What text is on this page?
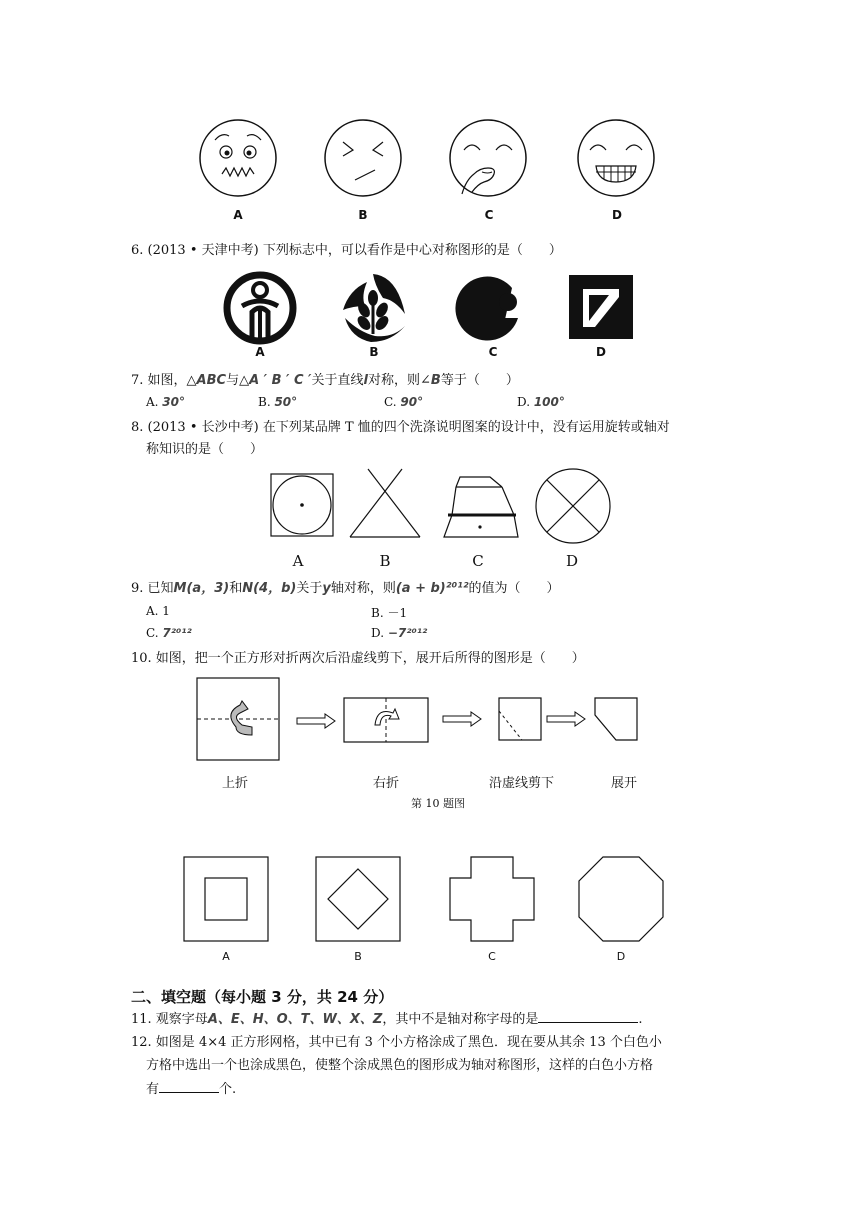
A	B	C	D
6. (2013 • 天津中考) 下列标志中，可以看作是中心对称图形的是（　　）
A	B	C	D
7. 如图，△ABC与△A ′ B ′ C ′关于直线l对称，则∠B等于（　　）
A. 30°	B. 50°	C. 90°	D. 100°
8. (2013 • 长沙中考) 在下列某品牌 T 恤的四个洗涤说明图案的设计中，没有运用旋转或轴对
称知识的是（　　）
A	B	C	D
9. 已知M(a，3)和N(4，b)关于y轴对称，则(a + b)²⁰¹²的值为（　　）
A. 1	B. －1
C. 7²⁰¹²	D. −7²⁰¹²
10. 如图，把一个正方形对折两次后沿虚线剪下，展开后所得的图形是（　　）
上折	右折	沿虚线剪下	展开
第 10 题图
A	B	C	D
二、填空题（每小题 3 分，共 24 分）
11. 观察字母A、E、H、O、T、W、X、Z，其中不是轴对称字母的是	.
12. 如图是 4×4 正方形网格，其中已有 3 个小方格涂成了黑色．现在要从其余 13 个白色小
方格中选出一个也涂成黑色，使整个涂成黑色的图形成为轴对称图形，这样的白色小方格
有	个.
